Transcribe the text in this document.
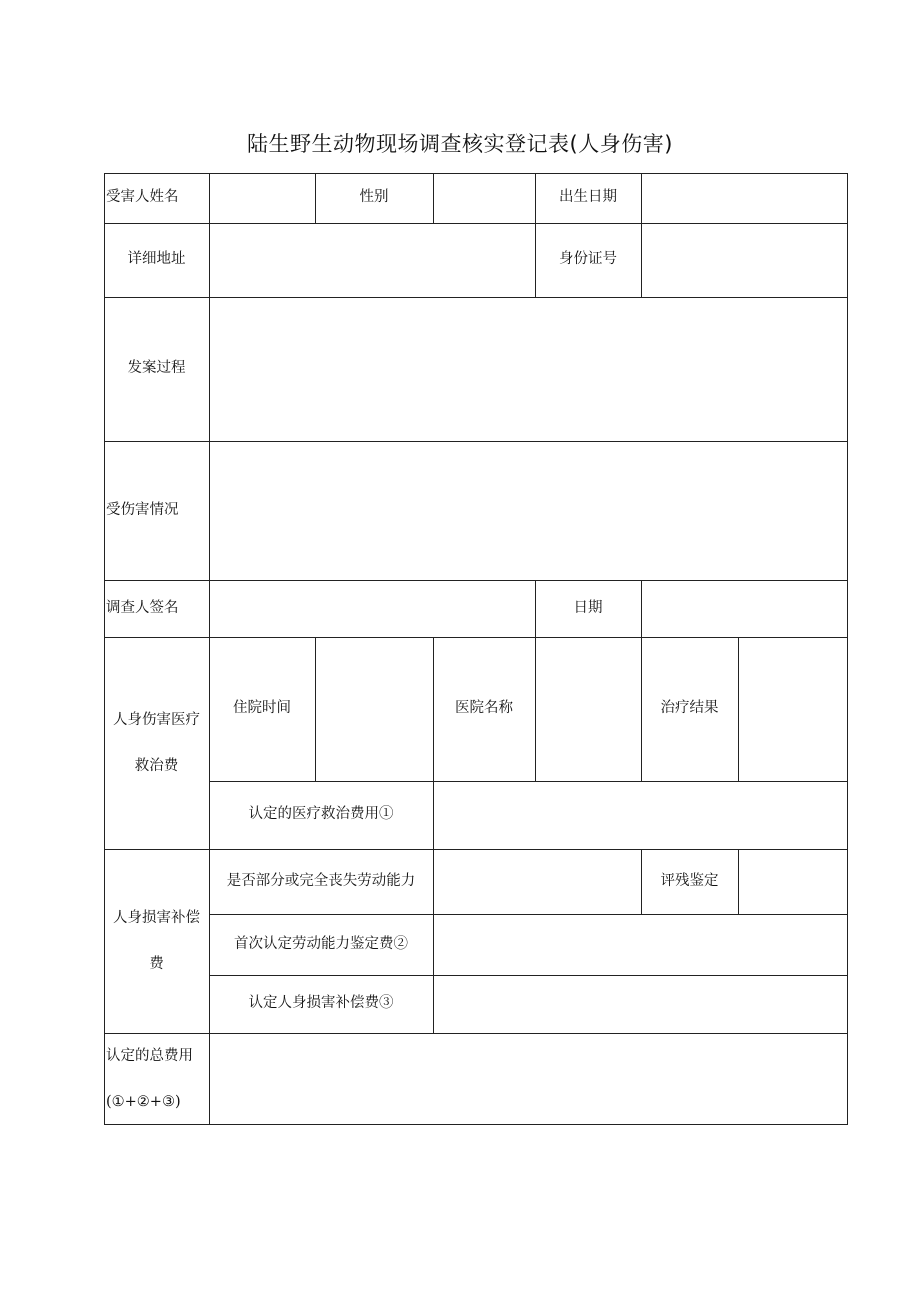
陆生野生动物现场调查核实登记表(人身伤害)
受害人姓名	性别	出生日期
详细地址	身份证号
发案过程
受伤害情况
调查人签名	日期
人身伤害医疗
救治费
住院时间	医院名称	治疗结果
认定的医疗救治费用①
人身损害补偿
费
是否部分或完全丧失劳动能力	评残鉴定
首次认定劳动能力鉴定费②
认定人身损害补偿费③
认定的总费用
(①+②+③)
